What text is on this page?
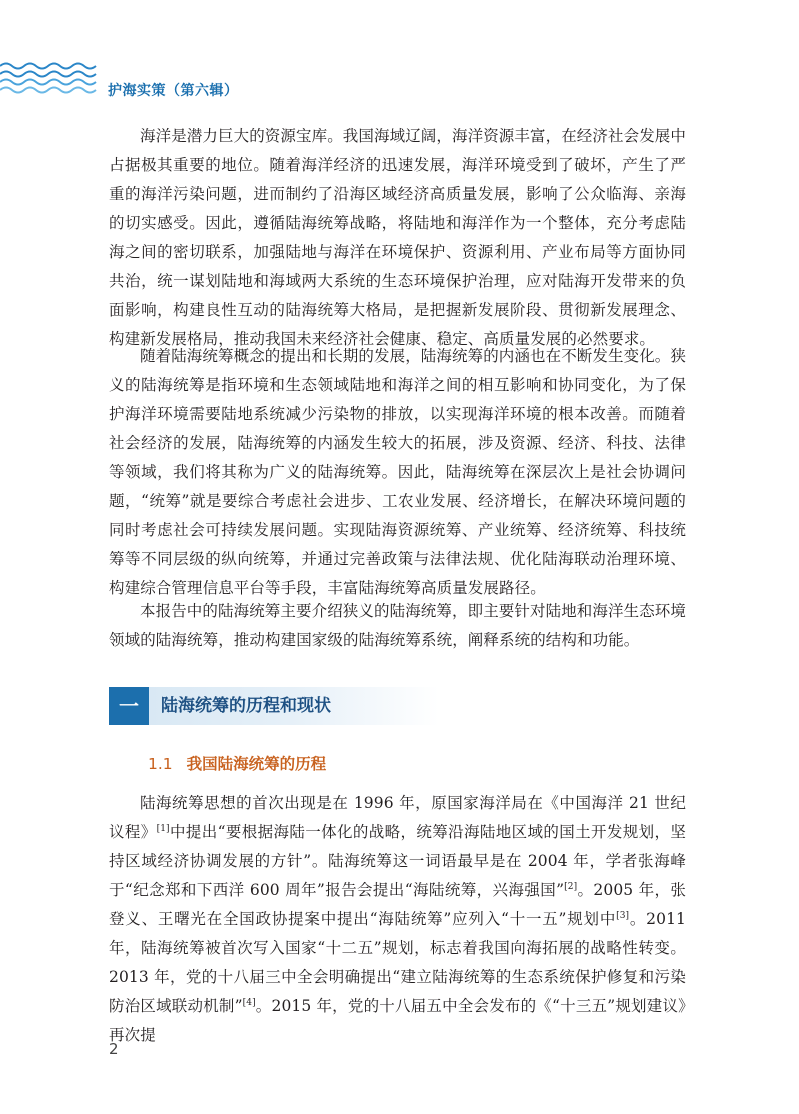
护海实策（第六辑）

海洋是潜力巨大的资源宝库。我国海域辽阔，海洋资源丰富，在经济社会发展中占据极其重要的地位。随着海洋经济的迅速发展，海洋环境受到了破坏，产生了严重的海洋污染问题，进而制约了沿海区域经济高质量发展，影响了公众临海、亲海的切实感受。因此，遵循陆海统筹战略，将陆地和海洋作为一个整体，充分考虑陆海之间的密切联系，加强陆地与海洋在环境保护、资源利用、产业布局等方面协同共治，统一谋划陆地和海域两大系统的生态环境保护治理，应对陆海开发带来的负面影响，构建良性互动的陆海统筹大格局，是把握新发展阶段、贯彻新发展理念、构建新发展格局，推动我国未来经济社会健康、稳定、高质量发展的必然要求。

随着陆海统筹概念的提出和长期的发展，陆海统筹的内涵也在不断发生变化。狭义的陆海统筹是指环境和生态领域陆地和海洋之间的相互影响和协同变化，为了保护海洋环境需要陆地系统减少污染物的排放，以实现海洋环境的根本改善。而随着社会经济的发展，陆海统筹的内涵发生较大的拓展，涉及资源、经济、科技、法律等领域，我们将其称为广义的陆海统筹。因此，陆海统筹在深层次上是社会协调问题，“统筹”就是要综合考虑社会进步、工农业发展、经济增长，在解决环境问题的同时考虑社会可持续发展问题。实现陆海资源统筹、产业统筹、经济统筹、科技统筹等不同层级的纵向统筹，并通过完善政策与法律法规、优化陆海联动治理环境、构建综合管理信息平台等手段，丰富陆海统筹高质量发展路径。

本报告中的陆海统筹主要介绍狭义的陆海统筹，即主要针对陆地和海洋生态环境领域的陆海统筹，推动构建国家级的陆海统筹系统，阐释系统的结构和功能。

一	陆海统筹的历程和现状
1.1 我国陆海统筹的历程

陆海统筹思想的首次出现是在 1996 年，原国家海洋局在《中国海洋 21 世纪议程》[1]中提出“要根据海陆一体化的战略，统筹沿海陆地区域的国土开发规划，坚持区域经济协调发展的方针”。陆海统筹这一词语最早是在 2004 年，学者张海峰于“纪念郑和下西洋 600 周年”报告会提出“海陆统筹，兴海强国”[2]。2005 年，张登义、王曙光在全国政协提案中提出“海陆统筹”应列入“十一五”规划中[3]。2011 年，陆海统筹被首次写入国家“十二五”规划，标志着我国向海拓展的战略性转变。2013 年，党的十八届三中全会明确提出“建立陆海统筹的生态系统保护修复和污染防治区域联动机制”[4]。2015 年，党的十八届五中全会发布的《“十三五”规划建议》再次提

2
